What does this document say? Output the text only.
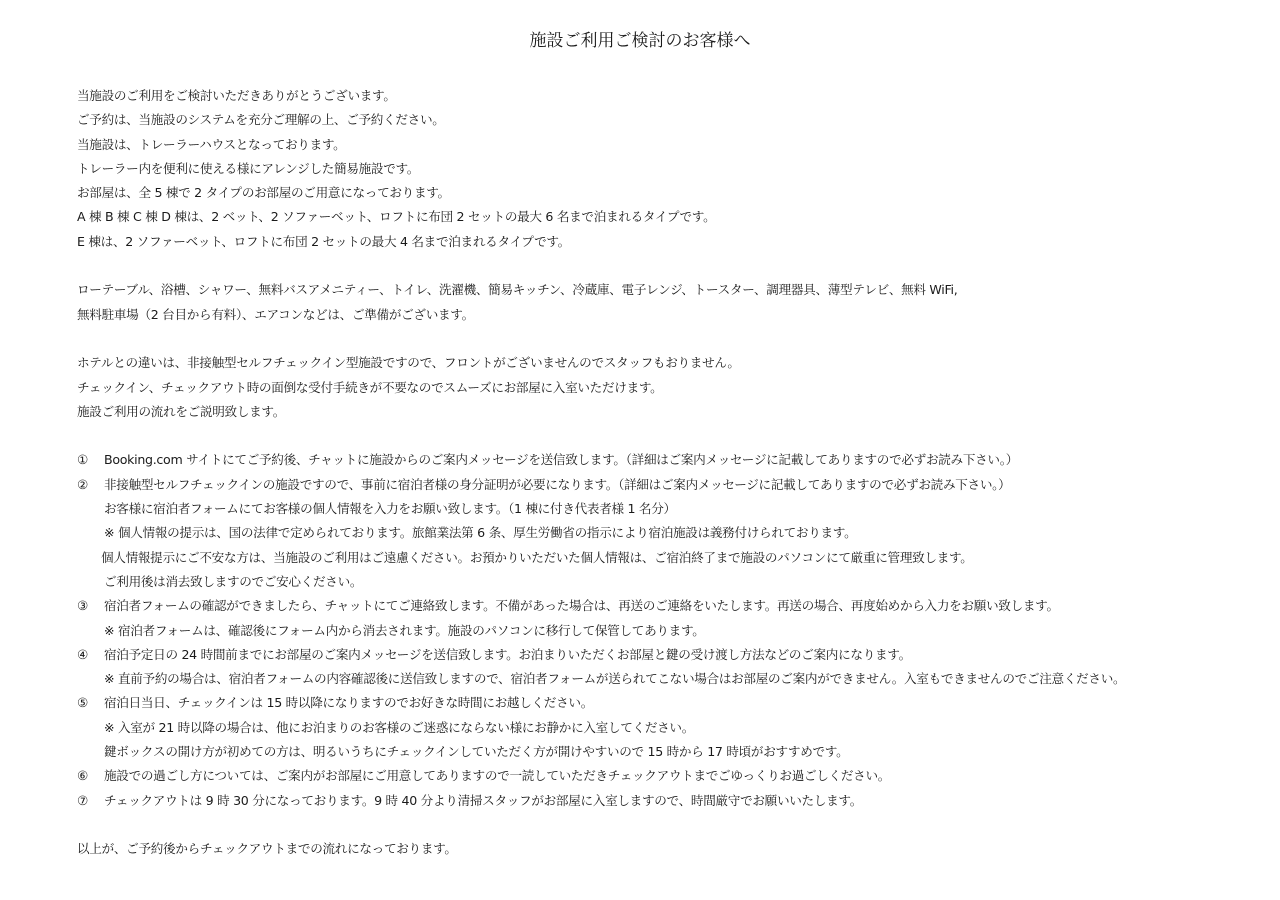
施設ご利用ご検討のお客様へ
当施設のご利用をご検討いただきありがとうございます。
ご予約は、当施設のシステムを充分ご理解の上、ご予約ください。
当施設は、トレーラーハウスとなっております。
トレーラー内を便利に使える様にアレンジした簡易施設です。
お部屋は、全 5 棟で 2 タイプのお部屋のご用意になっております。
A 棟 B 棟 C 棟 D 棟は、2 ベット、2 ソファーベット、ロフトに布団 2 セットの最大 6 名まで泊まれるタイプです。
E 棟は、2 ソファーベット、ロフトに布団 2 セットの最大 4 名まで泊まれるタイプです。
ローテーブル、浴槽、シャワー、無料バスアメニティー、トイレ、洗濯機、簡易キッチン、冷蔵庫、電子レンジ、トースター、調理器具、薄型テレビ、無料 WiFi,
無料駐車場（2 台目から有料）、エアコンなどは、ご準備がございます。
ホテルとの違いは、非接触型セルフチェックイン型施設ですので、フロントがございませんのでスタッフもおりません。
チェックイン、チェックアウト時の面倒な受付手続きが不要なのでスムーズにお部屋に入室いただけます。
施設ご利用の流れをご説明致します。
①	Booking.com サイトにてご予約後、チャットに施設からのご案内メッセージを送信致します。（詳細はご案内メッセージに記載してありますので必ずお読み下さい。）
②	非接触型セルフチェックインの施設ですので、事前に宿泊者様の身分証明が必要になります。（詳細はご案内メッセージに記載してありますので必ずお読み下さい。）
お客様に宿泊者フォームにてお客様の個人情報を入力をお願い致します。（1 棟に付き代表者様 1 名分）
※ 個人情報の提示は、国の法律で定められております。旅館業法第 6 条、厚生労働省の指示により宿泊施設は義務付けられております。
個人情報提示にご不安な方は、当施設のご利用はご遠慮ください。お預かりいただいた個人情報は、ご宿泊終了まで施設のパソコンにて厳重に管理致します。
ご利用後は消去致しますのでご安心ください。
③	宿泊者フォームの確認ができましたら、チャットにてご連絡致します。不備があった場合は、再送のご連絡をいたします。再送の場合、再度始めから入力をお願い致します。
※ 宿泊者フォームは、確認後にフォーム内から消去されます。施設のパソコンに移行して保管してあります。
④	宿泊予定日の 24 時間前までにお部屋のご案内メッセージを送信致します。お泊まりいただくお部屋と鍵の受け渡し方法などのご案内になります。
※ 直前予約の場合は、宿泊者フォームの内容確認後に送信致しますので、宿泊者フォームが送られてこない場合はお部屋のご案内ができません。入室もできませんのでご注意ください。
⑤	宿泊日当日、チェックインは 15 時以降になりますのでお好きな時間にお越しください。
※ 入室が 21 時以降の場合は、他にお泊まりのお客様のご迷惑にならない様にお静かに入室してください。
鍵ボックスの開け方が初めての方は、明るいうちにチェックインしていただく方が開けやすいので 15 時から 17 時頃がおすすめです。
⑥	施設での過ごし方については、ご案内がお部屋にご用意してありますので一読していただきチェックアウトまでごゆっくりお過ごしください。
⑦	チェックアウトは 9 時 30 分になっております。9 時 40 分より清掃スタッフがお部屋に入室しますので、時間厳守でお願いいたします。
以上が、ご予約後からチェックアウトまでの流れになっております。
